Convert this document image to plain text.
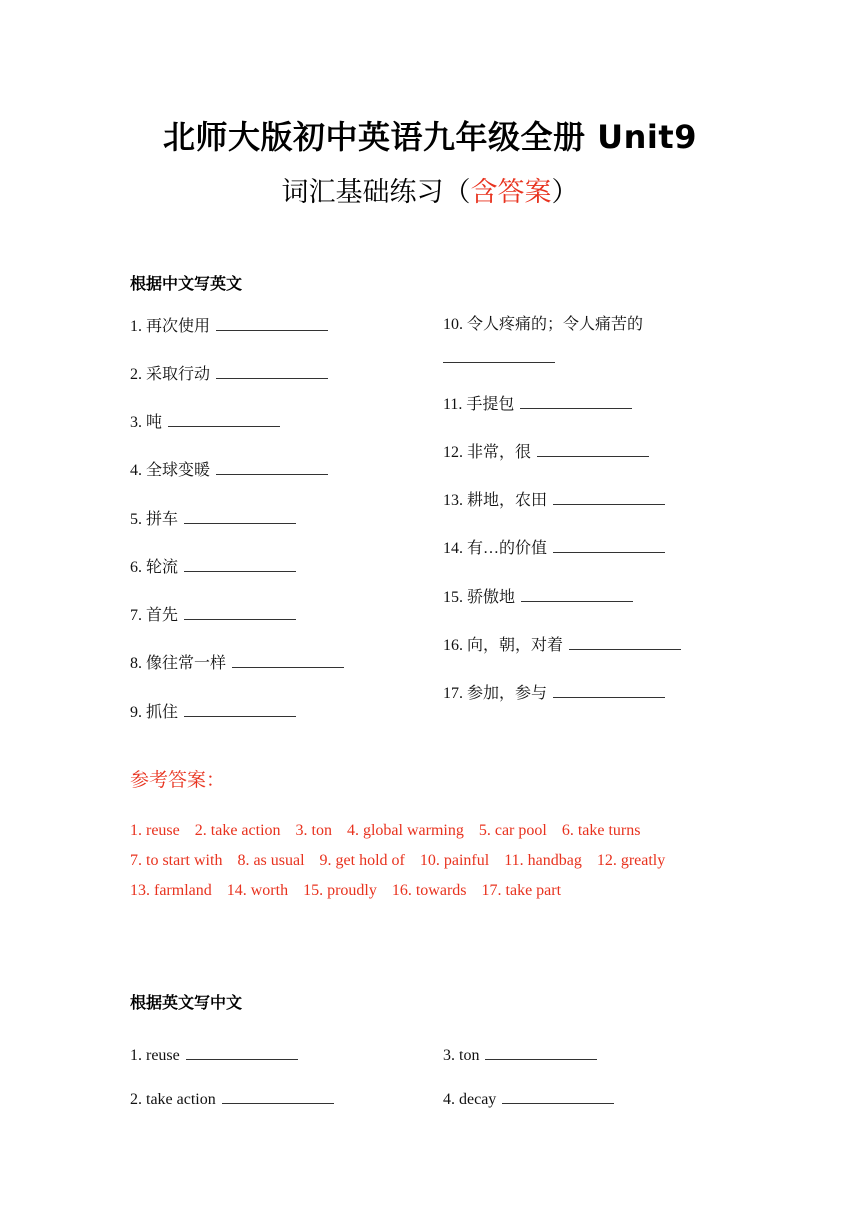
北师大版初中英语九年级全册 Unit9
词汇基础练习（含答案）
根据中文写英文
1. 再次使用
2. 采取行动
3. 吨
4. 全球变暖
5. 拼车
6. 轮流
7. 首先
8. 像往常一样
9. 抓住
10. 令人疼痛的；令人痛苦的
11. 手提包
12. 非常，很
13. 耕地，农田
14. 有…的价值
15. 骄傲地
16. 向，朝，对着
17. 参加，参与
参考答案：
1. reuse 2. take action 3. ton 4. global warming 5. car pool 6. take turns
7. to start with 8. as usual 9. get hold of 10. painful 11. handbag 12. greatly
13. farmland 14. worth 15. proudly 16. towards 17. take part
根据英文写中文
1. reuse
2. take action
3. ton
4. decay
